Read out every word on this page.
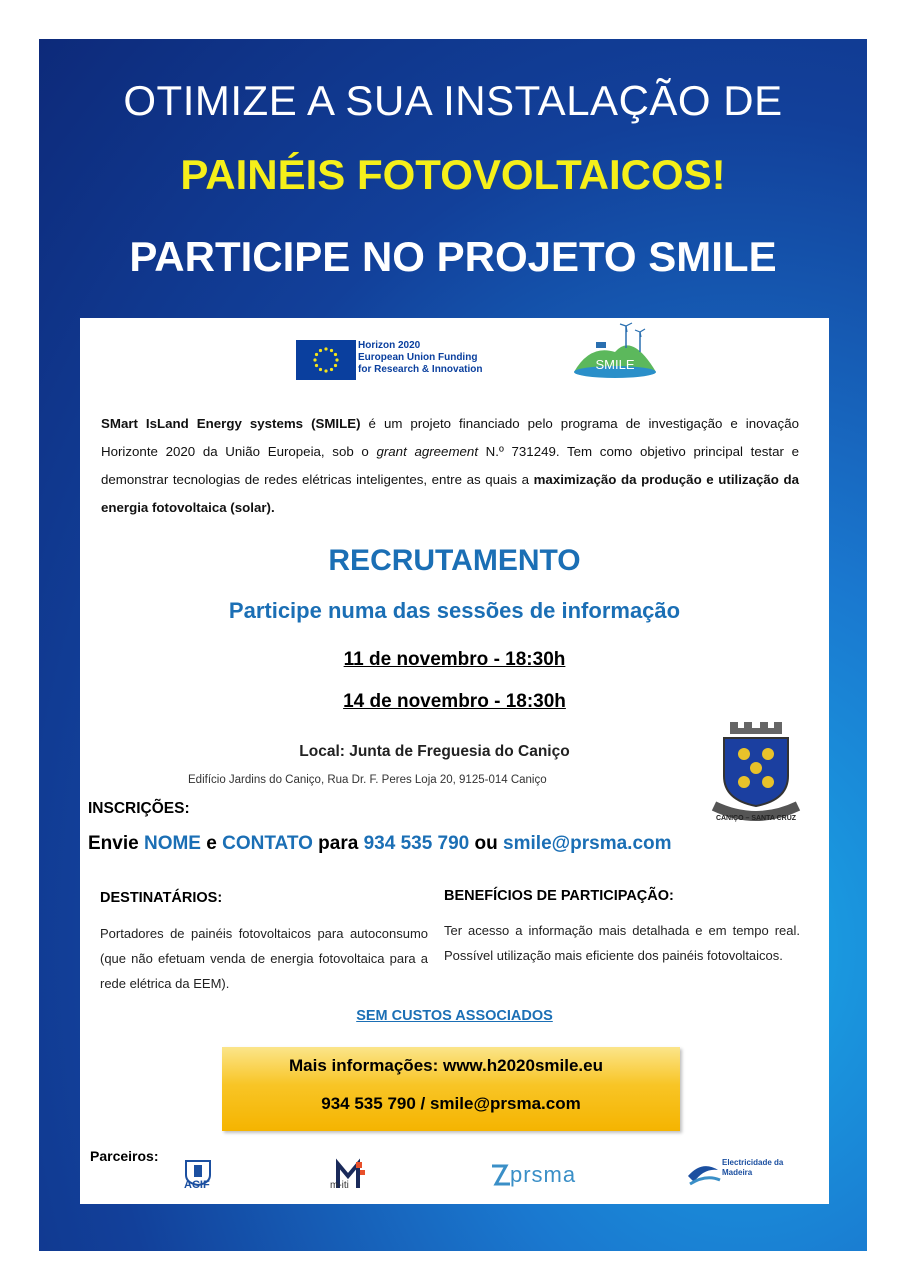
OTIMIZE A SUA INSTALAÇÃO DE
PAINÉIS FOTOVOLTAICOS!
PARTICIPE NO PROJETO SMILE
Horizon 2020
European Union Funding
for Research & Innovation	SMILE

SMart IsLand Energy systems (SMILE) é um projeto financiado pelo programa de investigação e inovação Horizonte 2020 da União Europeia, sob o grant agreement N.º 731249. Tem como objetivo principal testar e demonstrar tecnologias de redes elétricas inteligentes, entre as quais a maximização da produção e utilização da energia fotovoltaica (solar).

RECRUTAMENTO
Participe numa das sessões de informação
11 de novembro - 18:30h
14 de novembro - 18:30h
Local: Junta de Freguesia do Caniço
Edifício Jardins do Caniço, Rua Dr. F. Peres Loja 20, 9125-014 Caniço
CANIÇO – SANTA CRUZ
INSCRIÇÕES:
Envie NOME e CONTATO para 934 535 790 ou smile@prsma.com
DESTINATÁRIOS:	BENEFÍCIOS DE PARTICIPAÇÃO:
Portadores de painéis fotovoltaicos para autoconsumo (que não efetuam venda de energia fotovoltaica para a rede elétrica da EEM).
Ter acesso a informação mais detalhada e em tempo real. Possível utilização mais eficiente dos painéis fotovoltaicos.
SEM CUSTOS ASSOCIADOS
Mais informações: www.h2020smile.eu
934 535 790 / smile@prsma.com
Parceiros:
ACIF	m-iti	prsma	Electricidade da Madeira
